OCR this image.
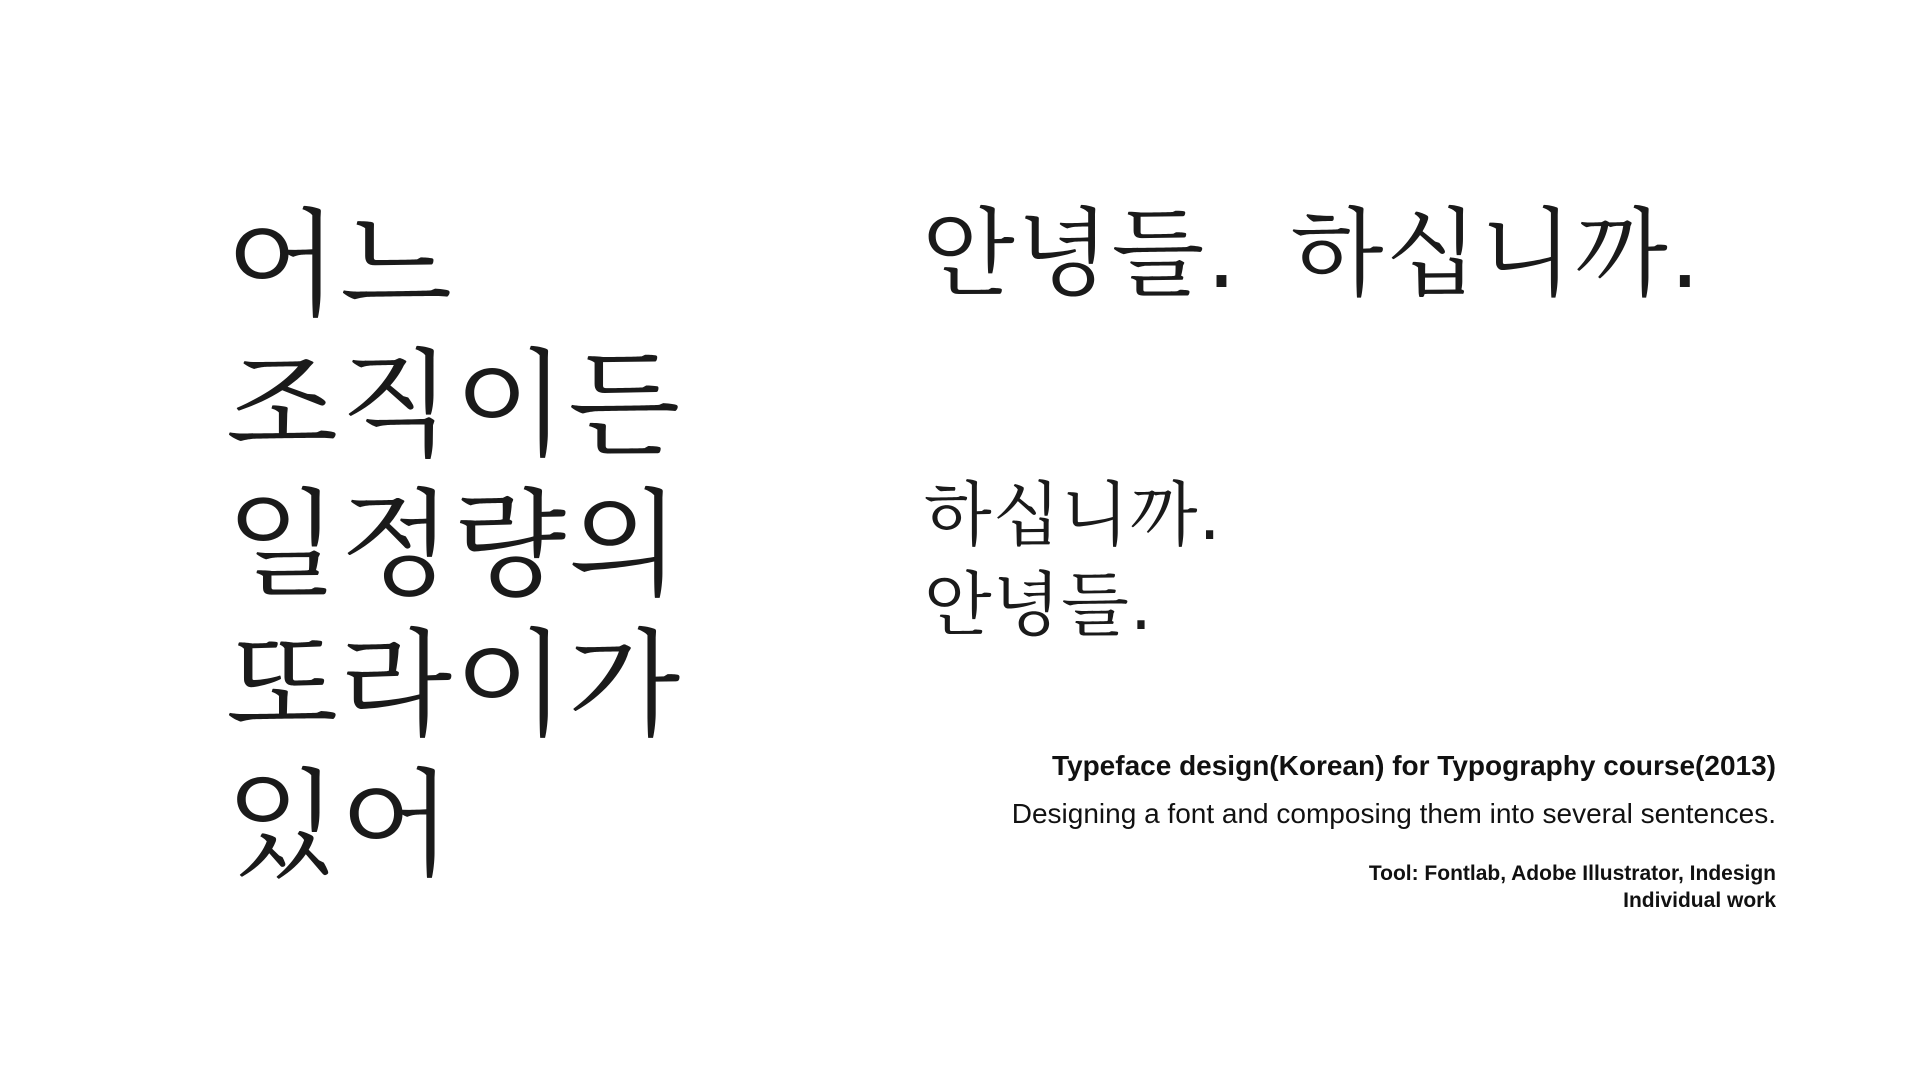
어느
조직이든
일정량의
또라이가
있어
안녕들. 하십니까.
하십니까.
안녕들.
Typeface design(Korean) for Typography course(2013)
Designing a font and composing them into several sentences.
Tool: Fontlab, Adobe Illustrator, Indesign
Individual work
